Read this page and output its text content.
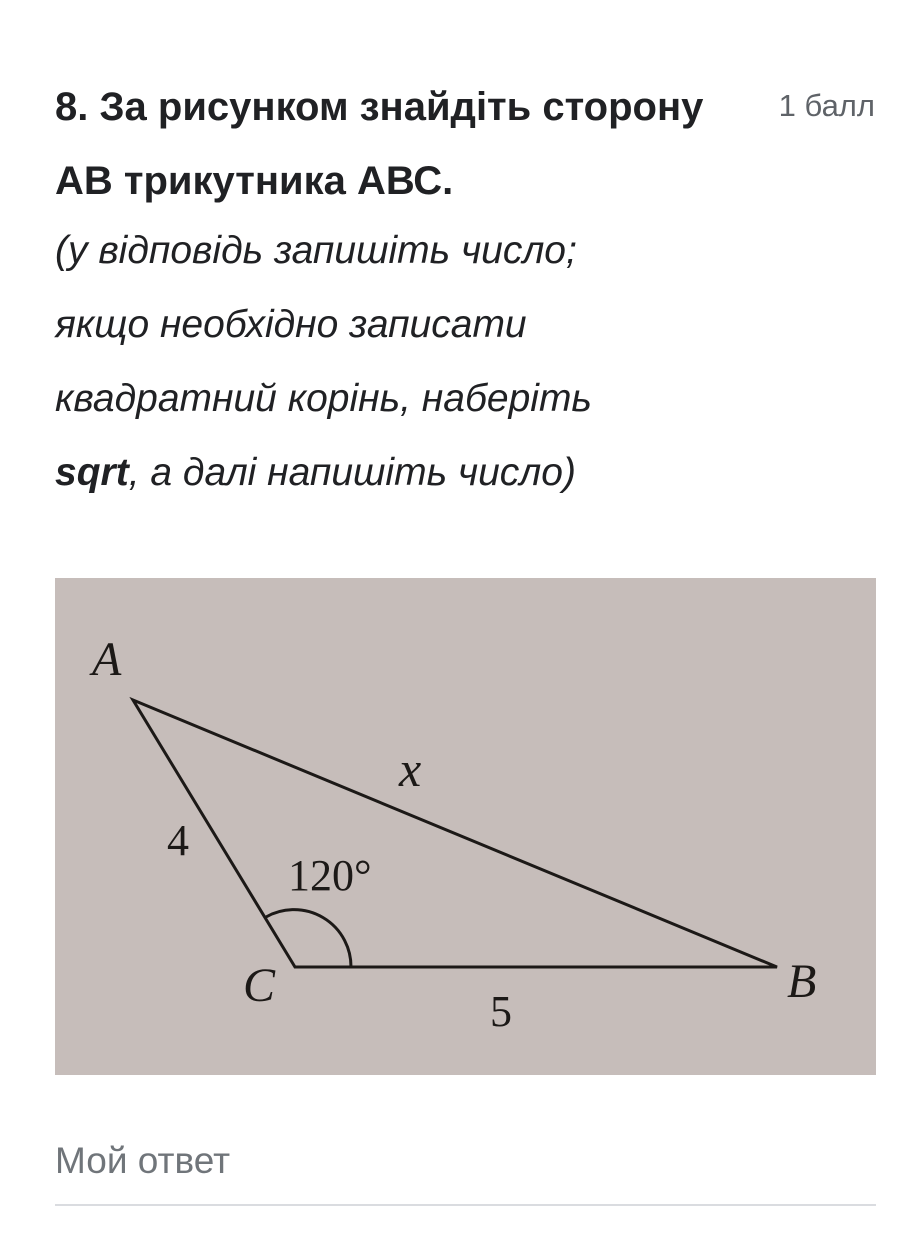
8. За рисунком знайдіть сторону АВ трикутника АВС.

1 балл

(у відповідь запишіть число;
якщо необхідно записати
квадратний корінь, наберіть
sqrt, а далі напишіть число)

A
B
C
x
4
5
120°
Мой ответ
